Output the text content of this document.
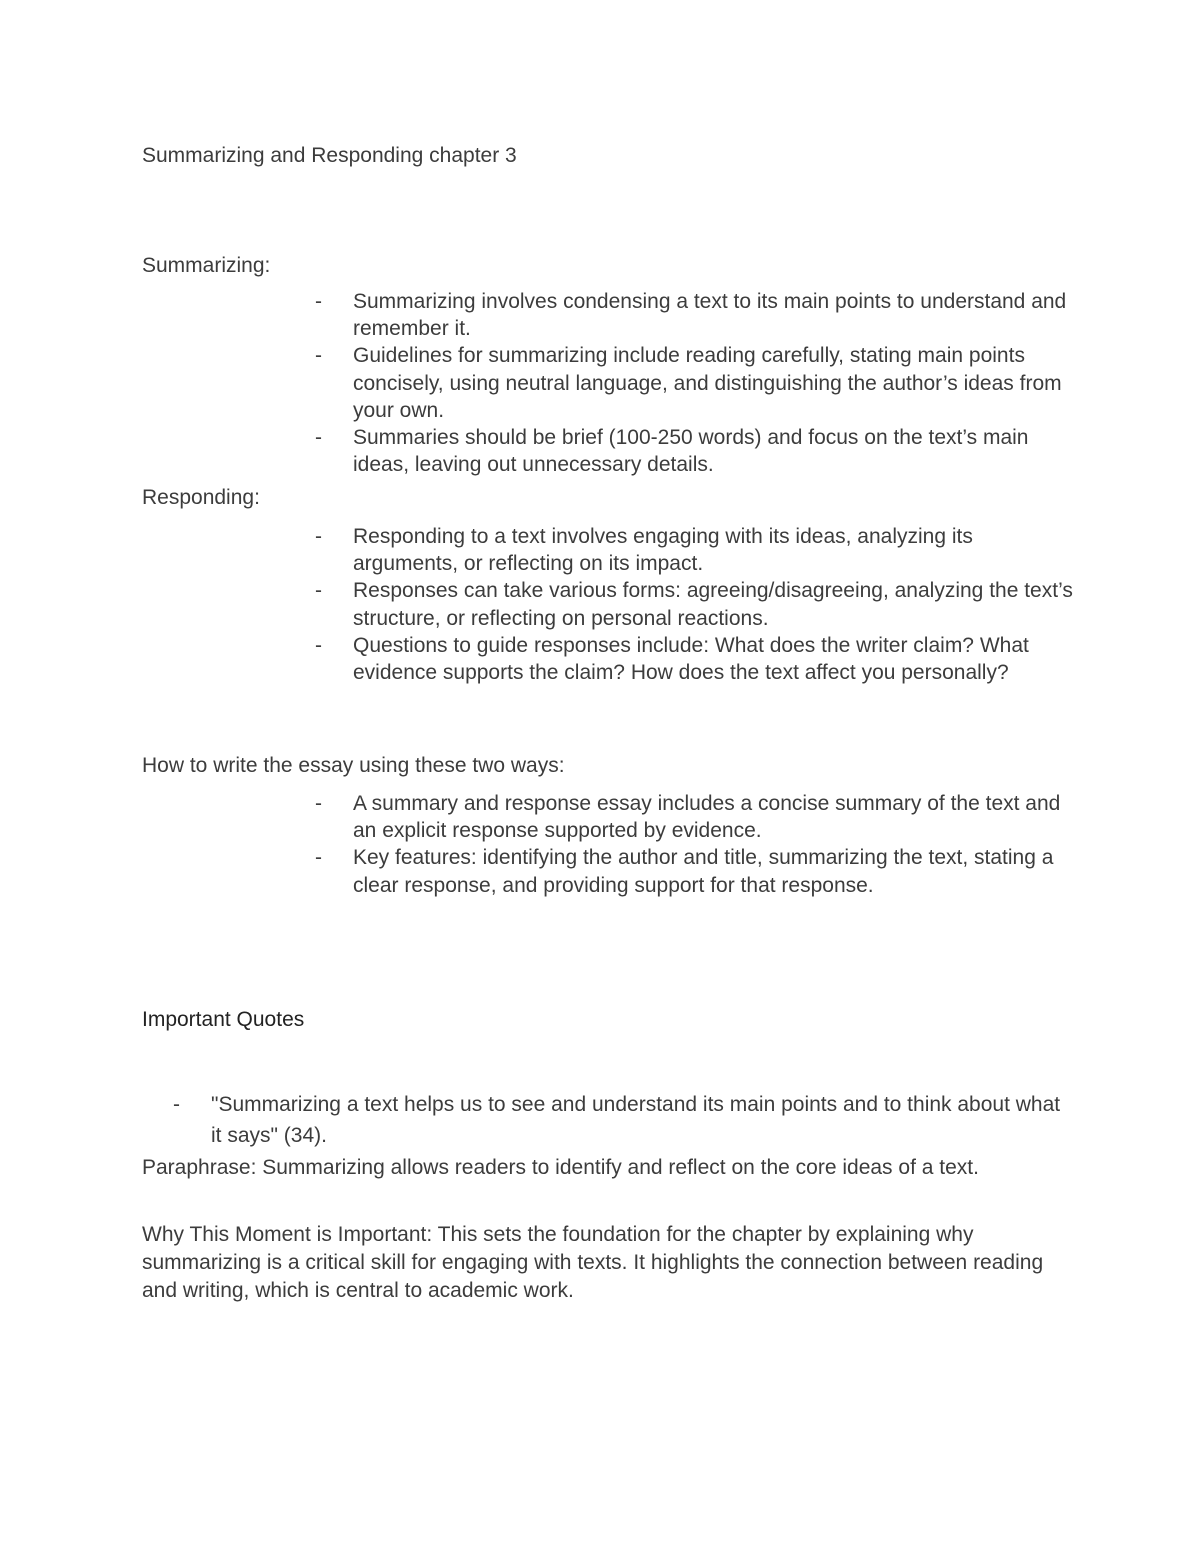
Summarizing and Responding chapter 3
Summarizing:
- Summarizing involves condensing a text to its main points to understand and remember it.
- Guidelines for summarizing include reading carefully, stating main points concisely, using neutral language, and distinguishing the author’s ideas from your own.
- Summaries should be brief (100-250 words) and focus on the text’s main ideas, leaving out unnecessary details.
Responding:
- Responding to a text involves engaging with its ideas, analyzing its arguments, or reflecting on its impact.
- Responses can take various forms: agreeing/disagreeing, analyzing the text’s structure, or reflecting on personal reactions.
- Questions to guide responses include: What does the writer claim? What evidence supports the claim? How does the text affect you personally?
How to write the essay using these two ways:
- A summary and response essay includes a concise summary of the text and an explicit response supported by evidence.
- Key features: identifying the author and title, summarizing the text, stating a clear response, and providing support for that response.
Important Quotes
- "Summarizing a text helps us to see and understand its main points and to think about what it says" (34).

Paraphrase: Summarizing allows readers to identify and reflect on the core ideas of a text.

Why This Moment is Important: This sets the foundation for the chapter by explaining why summarizing is a critical skill for engaging with texts. It highlights the connection between reading and writing, which is central to academic work.
